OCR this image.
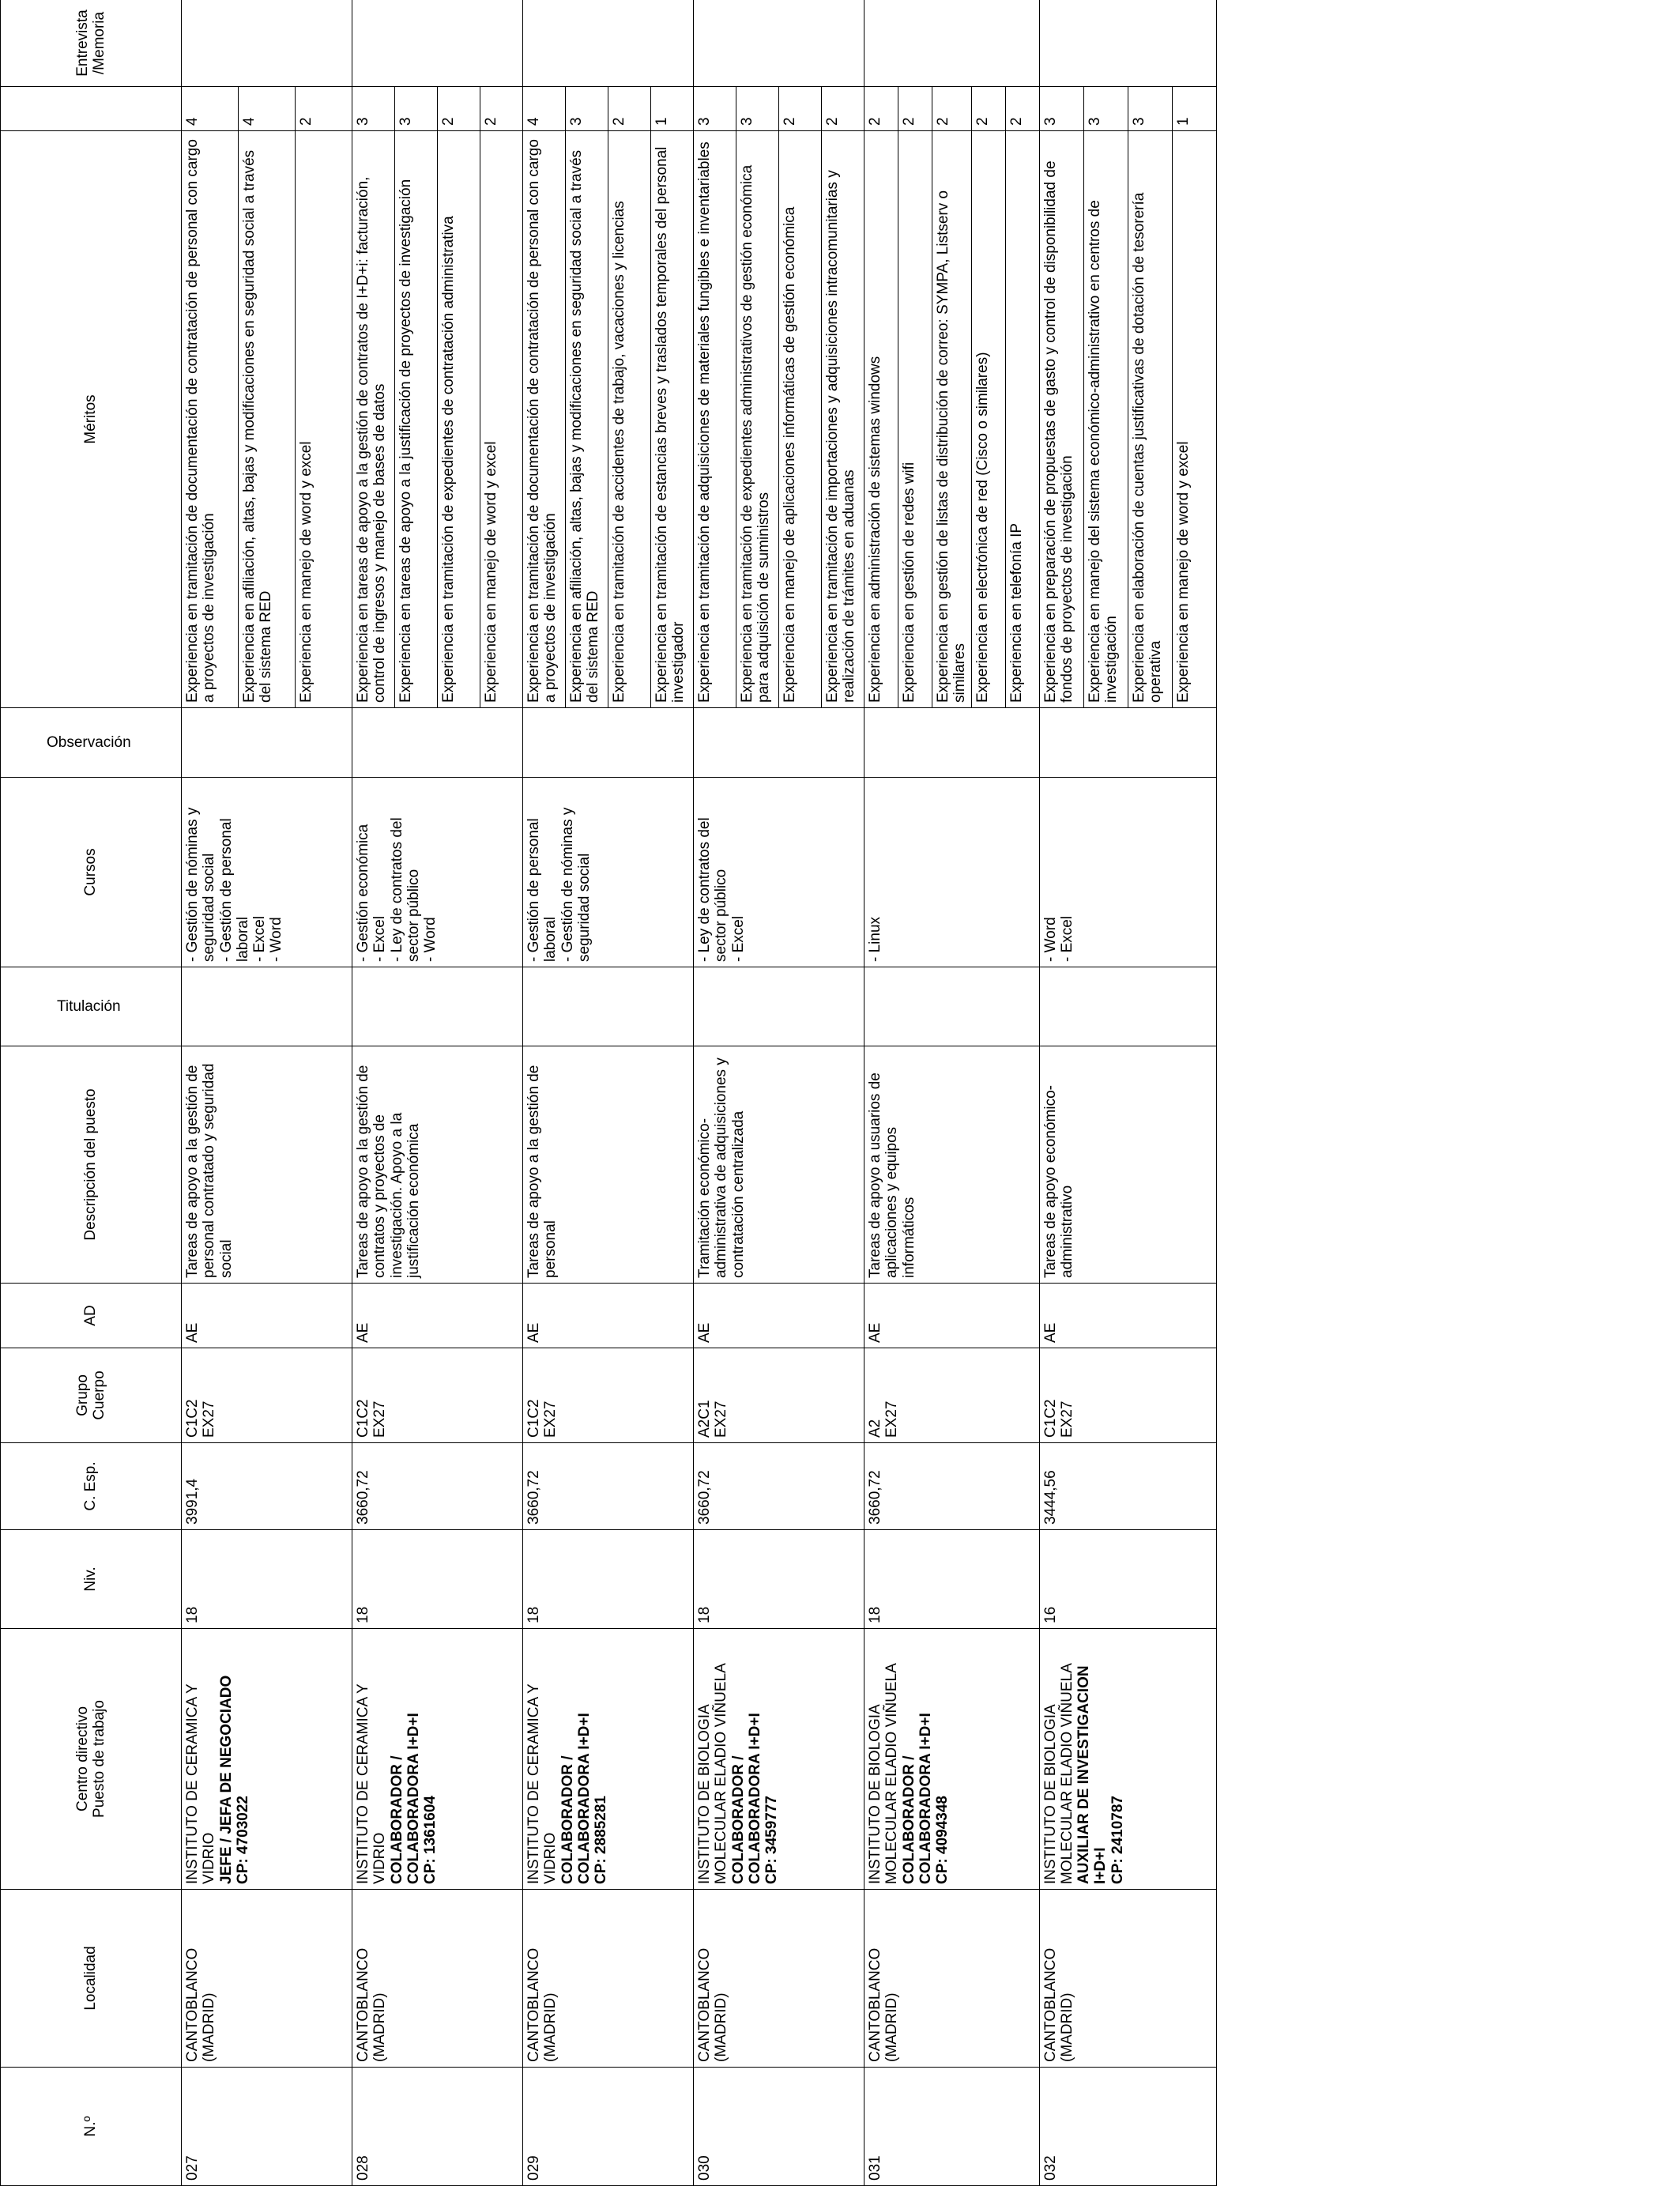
N.º	Localidad	Centro directivo Puesto de trabajo	Niv.	C. Esp.	Grupo Cuerpo	AD	Descripción del puesto	Titulación	Cursos	Observación	Méritos		Entrevista /Memoria

027	CANTOBLANCO (MADRID)	INSTITUTO DE CERAMICA Y VIDRIO JEFE / JEFA DE NEGOCIADO CP: 4703022	18	3991,4	C1C2 EX27	AE	Tareas de apoyo a la gestión de personal contratado y seguridad social		- Gestión de nóminas y seguridad social - Gestión de personal laboral - Excel - Word		Experiencia en tramitación de documentación de contratación de personal con cargo a proyectos de investigación	4	
											Experiencia en afiliación, altas, bajas y modificaciones en seguridad social a través del sistema RED	4	
											Experiencia en manejo de word y excel	2	
028	CANTOBLANCO (MADRID)	INSTITUTO DE CERAMICA Y VIDRIO COLABORADOR / COLABORADORA I+D+I CP: 1361604	18	3660,72	C1C2 EX27	AE	Tareas de apoyo a la gestión de contratos y proyectos de investigación. Apoyo a la justificación económica		- Gestión económica - Excel - Ley de contratos del sector público - Word		Experiencia en tareas de apoyo a la gestión de contratos de I+D+i: facturación, control de ingresos y manejo de bases de datos	3	
											Experiencia en tareas de apoyo a la justificación de proyectos de investigación	3	
											Experiencia en tramitación de expedientes de contratación administrativa	2	
											Experiencia en manejo de word y excel	2	
029	CANTOBLANCO (MADRID)	INSTITUTO DE CERAMICA Y VIDRIO COLABORADOR / COLABORADORA I+D+I CP: 2885281	18	3660,72	C1C2 EX27	AE	Tareas de apoyo a la gestión de personal		- Gestión de personal laboral - Gestión de nóminas y seguridad social		Experiencia en tramitación de documentación de contratación de personal con cargo a proyectos de investigación	4	
											Experiencia en afiliación, altas, bajas y modificaciones en seguridad social a través del sistema RED	3	
											Experiencia en tramitación de accidentes de trabajo, vacaciones y licencias	2	
											Experiencia en tramitación de estancias breves y traslados temporales del personal investigador	1	
030	CANTOBLANCO (MADRID)	INSTITUTO DE BIOLOGIA MOLECULAR ELADIO VIÑUELA COLABORADOR / COLABORADORA I+D+I CP: 3459777	18	3660,72	A2C1 EX27	AE	Tramitación económico-administrativa de adquisiciones y contratación centralizada		- Ley de contratos del sector público - Excel		Experiencia en tramitación de adquisiciones de materiales fungibles e inventariables	3	
											Experiencia en tramitación de expedientes administrativos de gestión económica para adquisición de suministros	3	
											Experiencia en manejo de aplicaciones informáticas de gestión económica	2	
											Experiencia en tramitación de importaciones y adquisiciones intracomunitarias y realización de trámites en aduanas	2	
031	CANTOBLANCO (MADRID)	INSTITUTO DE BIOLOGIA MOLECULAR ELADIO VIÑUELA COLABORADOR / COLABORADORA I+D+I CP: 4094348	18	3660,72	A2 EX27	AE	Tareas de apoyo a usuarios de aplicaciones y equipos informáticos		- Linux		Experiencia en administración de sistemas windows	2	
											Experiencia en gestión de redes wifi	2	
											Experiencia en gestión de listas de distribución de correo: SYMPA, Listserv o similares	2	
											Experiencia en electrónica de red (Cisco o similares)	2	
											Experiencia en telefonía IP	2	
032	CANTOBLANCO (MADRID)	INSTITUTO DE BIOLOGIA MOLECULAR ELADIO VIÑUELA AUXILIAR DE INVESTIGACION I+D+I CP: 2410787	16	3444,56	C1C2 EX27	AE	Tareas de apoyo económico-administrativo		- Word - Excel		Experiencia en preparación de propuestas de gasto y control de disponibilidad de fondos de proyectos de investigación	3	
											Experiencia en manejo del sistema económico-administrativo en centros de investigación	3	
											Experiencia en elaboración de cuentas justificativas de dotación de tesorería operativa	3	
											Experiencia en manejo de word y excel	1	
